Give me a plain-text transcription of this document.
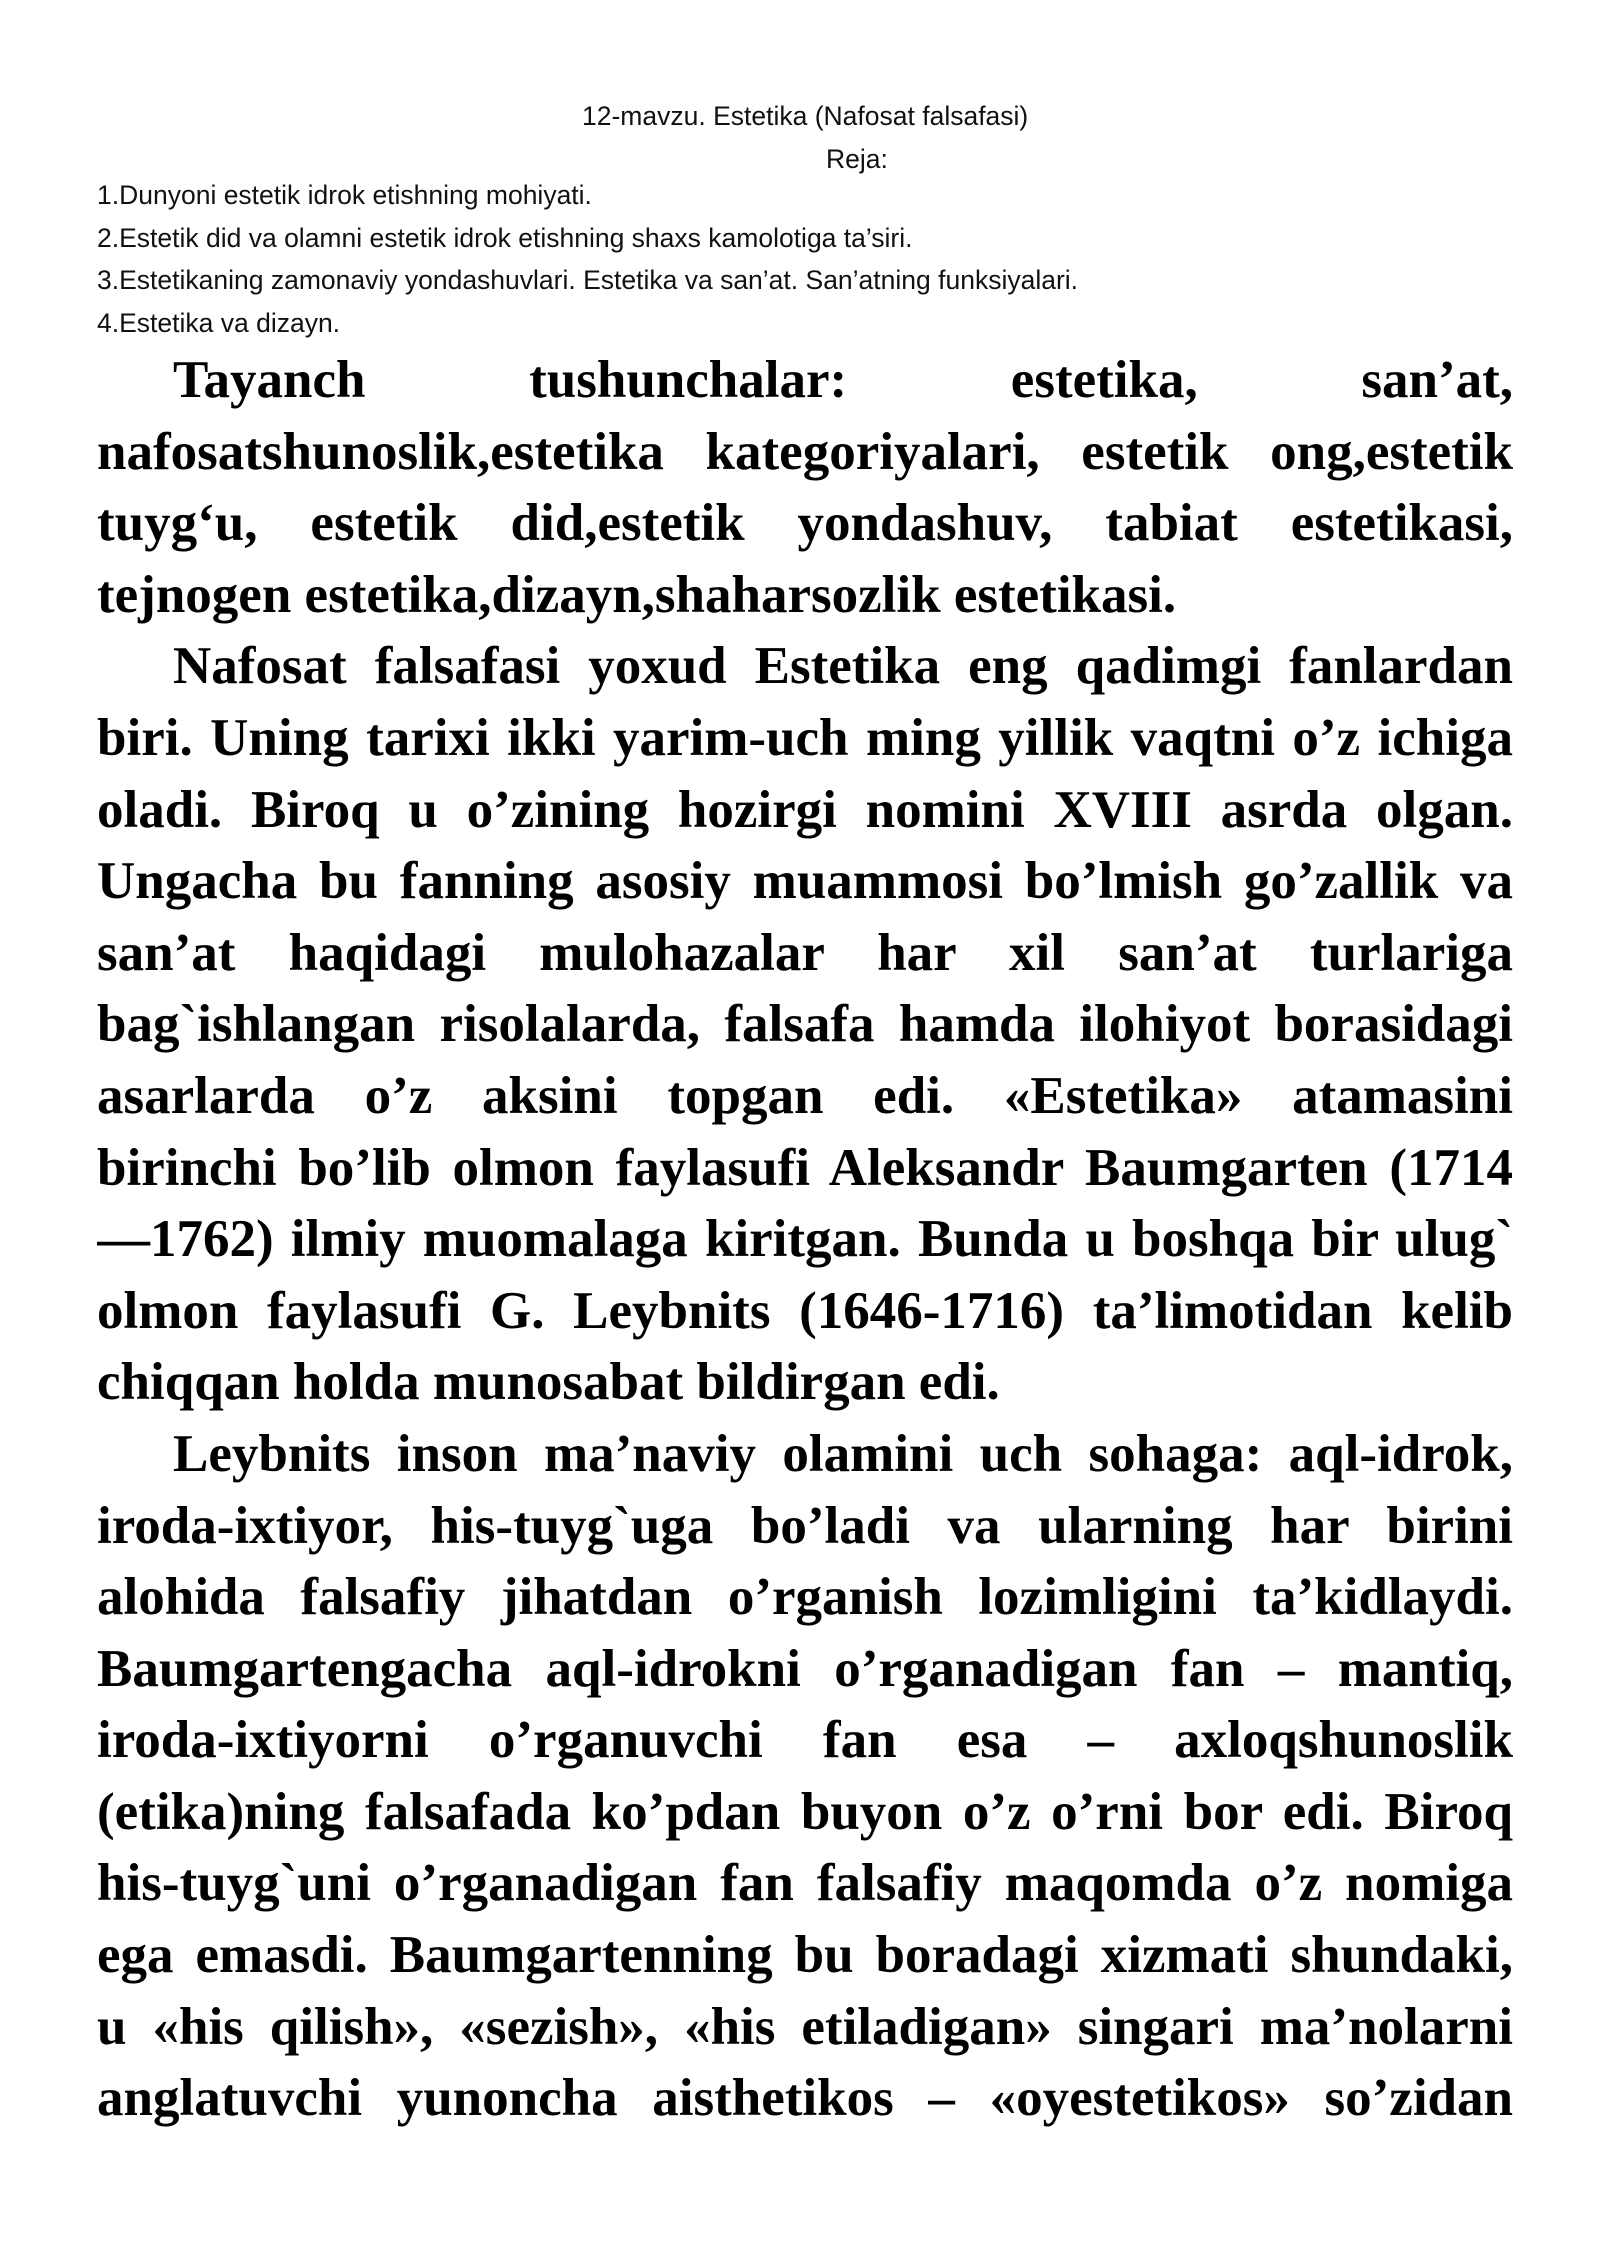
12-mavzu. Estetika (Nafosat falsafasi)
Reja:
1.Dunyoni estetik idrok etishning mohiyati.
2.Estetik did va olamni estetik idrok etishning shaxs kamolotiga ta’siri.
3.Estetikaning zamonaviy yondashuvlari. Estetika va san’at. San’atning funksiyalari.
4.Estetika va dizayn.
Tayanch tushunchalar: estetika, san’at,
nafosatshunoslik,estetika kategoriyalari, estetik ong,estetik
tuyg‘u, estetik did,estetik yondashuv, tabiat estetikasi,
tejnogen estetika,dizayn,shaharsozlik estetikasi.
Nafosat falsafasi yoxud Estetika eng qadimgi fanlardan
biri. Uning tarixi ikki yarim-uch ming yillik vaqtni o’z ichiga
oladi. Biroq u o’zining hozirgi nomini XVIII asrda olgan.
Ungacha bu fanning asosiy muammosi bo’lmish go’zallik va
san’at haqidagi mulohazalar har xil san’at turlariga
bag`ishlangan risolalarda, falsafa hamda ilohiyot borasidagi
asarlarda o’z aksini topgan edi. «Estetika» atamasini
birinchi bo’lib olmon faylasufi Aleksandr Baumgarten (1714
—1762) ilmiy muomalaga kiritgan. Bunda u boshqa bir ulug`
olmon faylasufi G. Leybnits (1646-1716) ta’limotidan kelib
chiqqan holda munosabat bildirgan edi.
Leybnits inson ma’naviy olamini uch sohaga: aql-idrok,
iroda-ixtiyor, his-tuyg`uga bo’ladi va ularning har birini
alohida falsafiy jihatdan o’rganish lozimligini ta’kidlaydi.
Baumgartengacha aql-idrokni o’rganadigan fan – mantiq,
iroda-ixtiyorni o’rganuvchi fan esa – axloqshunoslik
(etika)ning falsafada ko’pdan buyon o’z o’rni bor edi. Biroq
his-tuyg`uni o’rganadigan fan falsafiy maqomda o’z nomiga
ega emasdi. Baumgartenning bu boradagi xizmati shundaki,
u «his qilish», «sezish», «his etiladigan» singari ma’nolarni
anglatuvchi yunoncha aisthetikos – «oyestetikos» so’zidan
